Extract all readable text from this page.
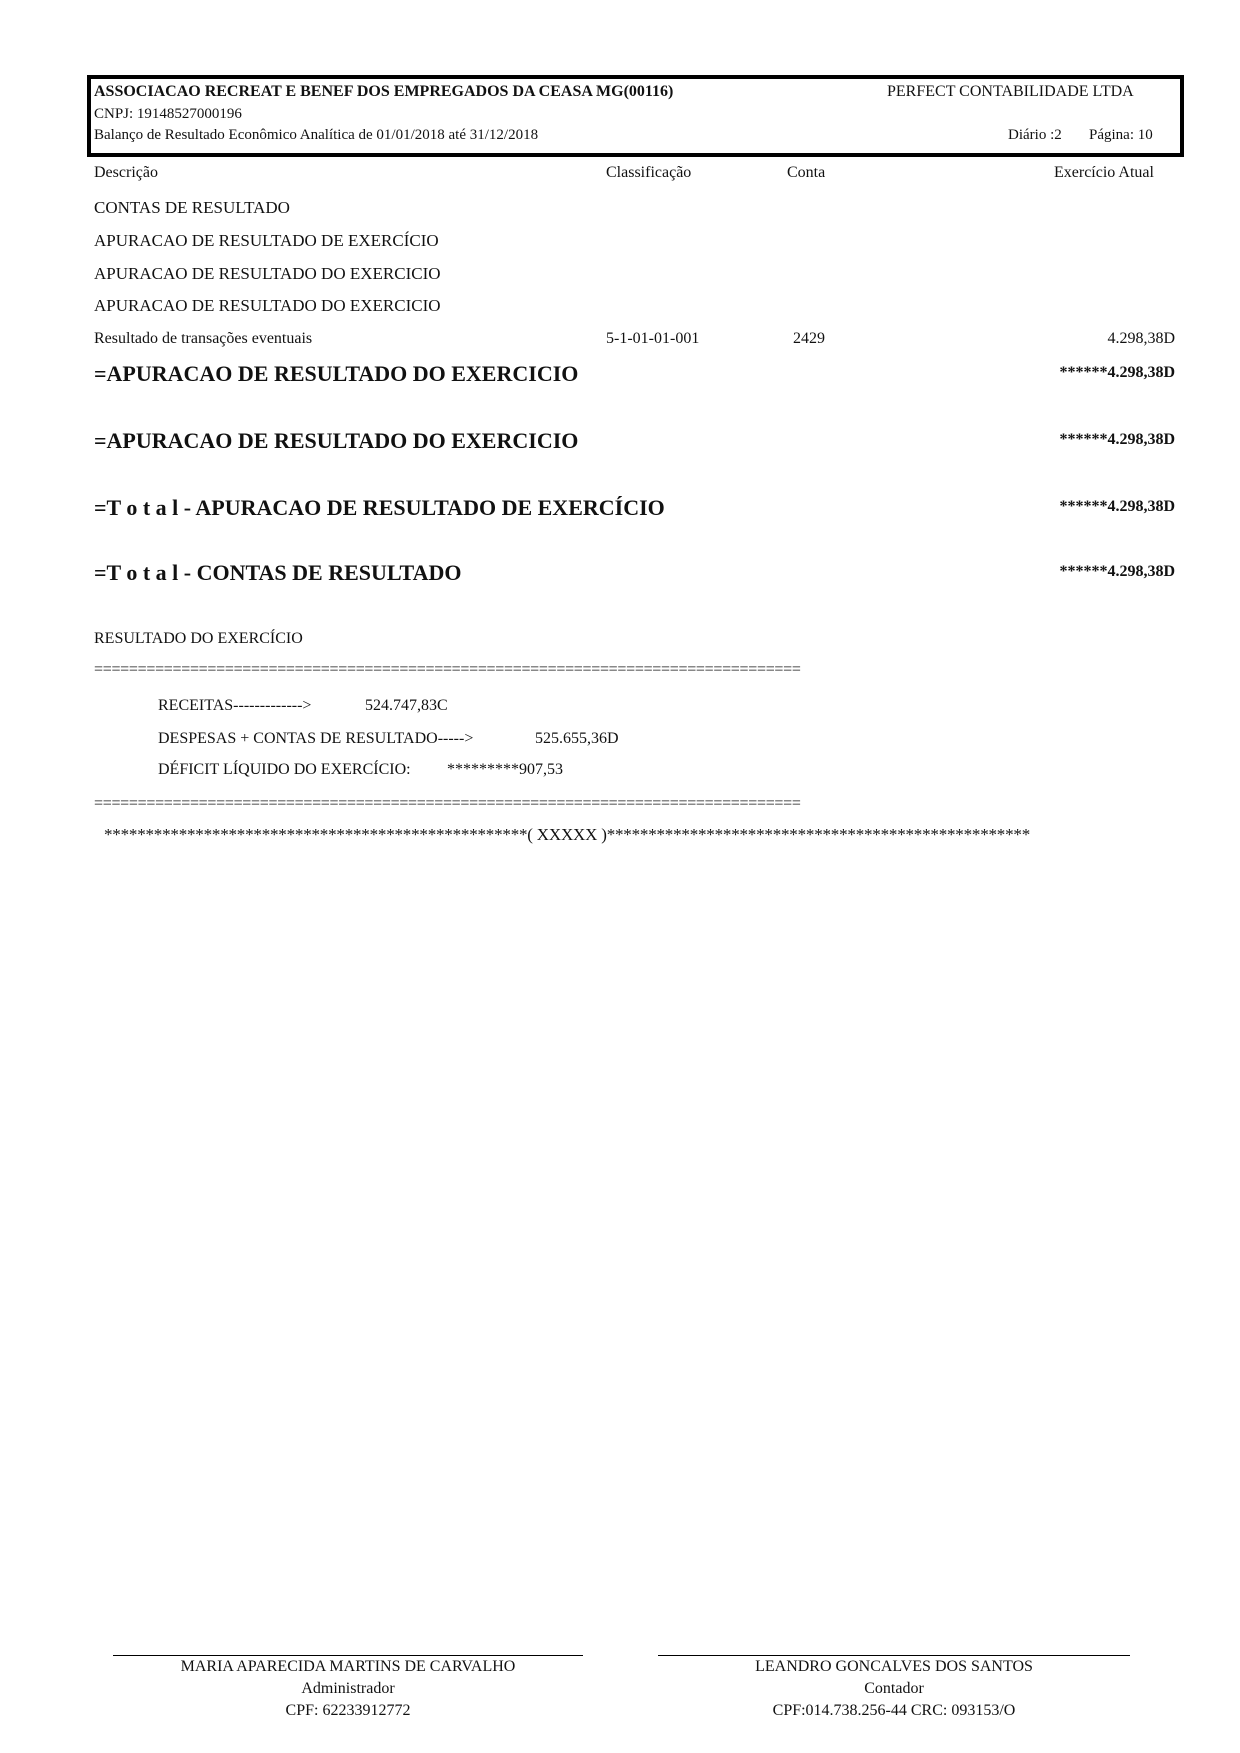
ASSOCIACAO RECREAT E BENEF DOS EMPREGADOS DA CEASA MG(00116)	PERFECT CONTABILIDADE LTDA
CNPJ: 19148527000196
Balanço de Resultado Econômico Analítica de 01/01/2018 até 31/12/2018	Diário :2 Página: 10
Descrição	Classificação	Conta	Exercício Atual
CONTAS DE RESULTADO
APURACAO DE RESULTADO DE EXERCÍCIO
APURACAO DE RESULTADO DO EXERCICIO
APURACAO DE RESULTADO DO EXERCICIO
Resultado de transações eventuais	5-1-01-01-001	2429	4.298,38D
=APURACAO DE RESULTADO DO EXERCICIO	******4.298,38D
=APURACAO DE RESULTADO DO EXERCICIO	******4.298,38D
=T o t a l - APURACAO DE RESULTADO DE EXERCÍCIO	******4.298,38D
=T o t a l - CONTAS DE RESULTADO	******4.298,38D
RESULTADO DO EXERCÍCIO
=================================================================================
RECEITAS------------->	524.747,83C
DESPESAS + CONTAS DE RESULTADO----->	525.655,36D
DÉFICIT LÍQUIDO DO EXERCÍCIO: *********907,53
=================================================================================
***************************************************( XXXXX )***************************************************
MARIA APARECIDA MARTINS DE CARVALHO
Administrador
CPF: 62233912772
LEANDRO GONCALVES DOS SANTOS
Contador
CPF:014.738.256-44 CRC: 093153/O
